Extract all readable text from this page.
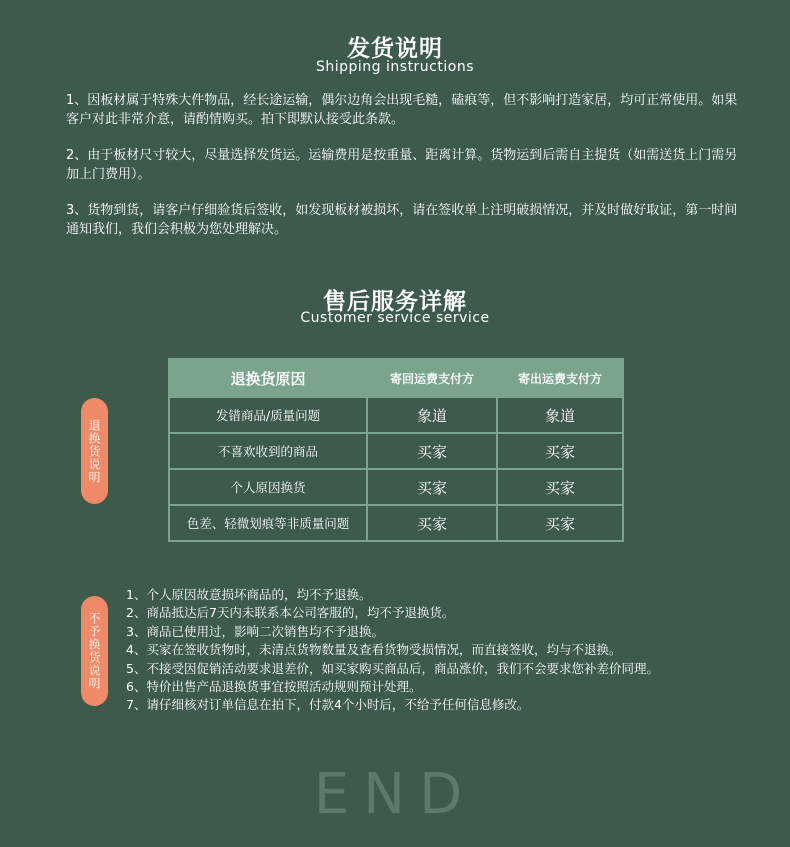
发货说明
Shipping instructions

1、因板材属于特殊大件物品，经长途运输，偶尔边角会出现毛糙，磕痕等，但不影响打造家居，均可正常使用。如果客户对此非常介意，请酌情购买。拍下即默认接受此条款。

2、由于板材尺寸较大，尽量选择发货运。运输费用是按重量、距离计算。货物运到后需自主提货（如需送货上门需另加上门费用）。

3、货物到货，请客户仔细验货后签收，如发现板材被损坏，请在签收单上注明破损情况，并及时做好取证，第一时间通知我们，我们会积极为您处理解决。

售后服务详解
Customer service service
退换货说明
退换货原因	寄回运费支付方	寄出运费支付方
发错商品/质量问题	象道	象道
不喜欢收到的商品	买家	买家
个人原因换货	买家	买家
色差、轻微划痕等非质量问题	买家	买家
不予换货说明
1、个人原因故意损坏商品的，均不予退换。
2、商品抵达后7天内未联系本公司客服的，均不予退换货。
3、商品已使用过，影响二次销售均不予退换。
4、买家在签收货物时，未清点货物数量及查看货物受损情况，而直接签收，均与不退换。
5、不接受因促销活动要求退差价，如买家购买商品后，商品涨价，我们不会要求您补差价同理。
6、特价出售产品退换货事宜按照活动规则预计处理。
7、请仔细核对订单信息在拍下，付款4个小时后，不给予任何信息修改。
END
